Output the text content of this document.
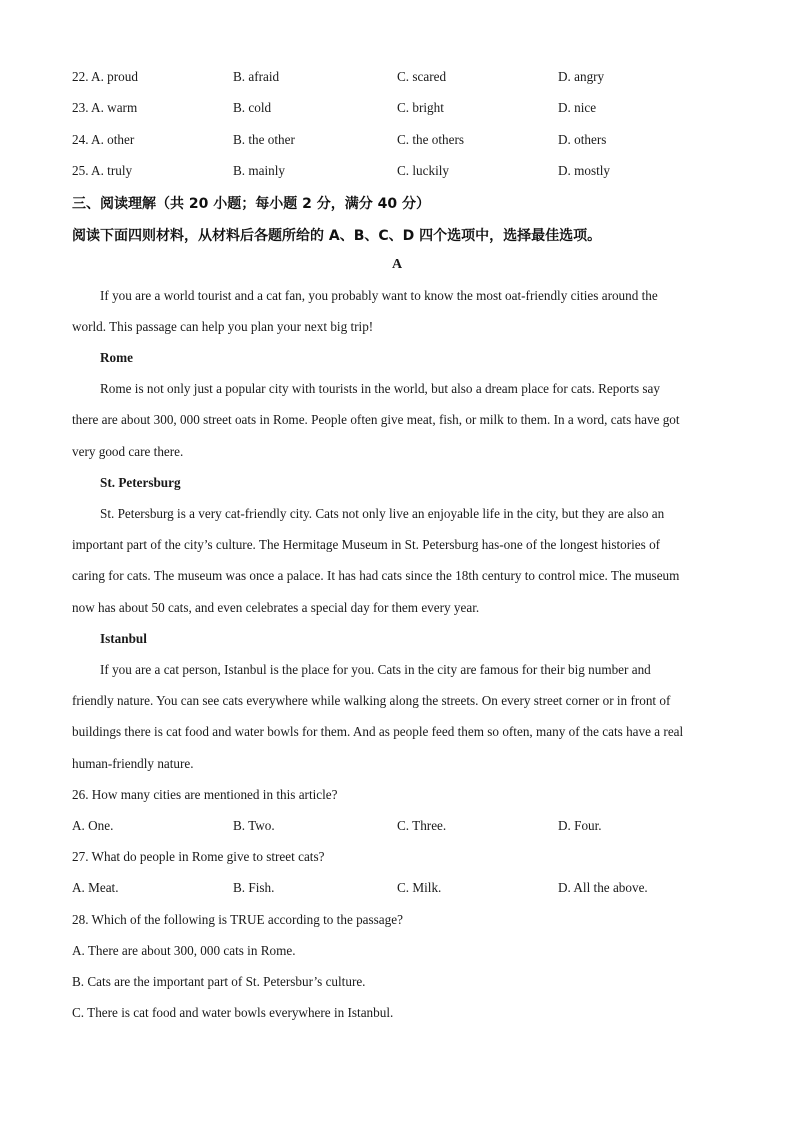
22. A. proud	B. afraid	C. scared	D. angry
23. A. warm	B. cold	C. bright	D. nice
24. A. other	B. the other	C. the others	D. others
25. A. truly	B. mainly	C. luckily	D. mostly
三、阅读理解（共 20 小题；每小题 2 分，满分 40 分）
阅读下面四则材料，从材料后各题所给的 A、B、C、D 四个选项中，选择最佳选项。
A
If you are a world tourist and a cat fan, you probably want to know the most oat-friendly cities around the
world. This passage can help you plan your next big trip!
Rome
Rome is not only just a popular city with tourists in the world, but also a dream place for cats. Reports say
there are about 300, 000 street oats in Rome. People often give meat, fish, or milk to them. In a word, cats have got
very good care there.
St. Petersburg
St. Petersburg is a very cat-friendly city. Cats not only live an enjoyable life in the city, but they are also an
important part of the city’s culture. The Hermitage Museum in St. Petersburg has-one of the longest histories of
caring for cats. The museum was once a palace. It has had cats since the 18th century to control mice. The museum
now has about 50 cats, and even celebrates a special day for them every year.
Istanbul
If you are a cat person, Istanbul is the place for you. Cats in the city are famous for their big number and
friendly nature. You can see cats everywhere while walking along the streets. On every street corner or in front of
buildings there is cat food and water bowls for them. And as people feed them so often, many of the cats have a real
human-friendly nature.
26. How many cities are mentioned in this article?
A. One.	B. Two.	C. Three.	D. Four.
27. What do people in Rome give to street cats?
A. Meat.	B. Fish.	C. Milk.	D. All the above.
28. Which of the following is TRUE according to the passage?
A. There are about 300, 000 cats in Rome.
B. Cats are the important part of St. Petersbur’s culture.
C. There is cat food and water bowls everywhere in Istanbul.
